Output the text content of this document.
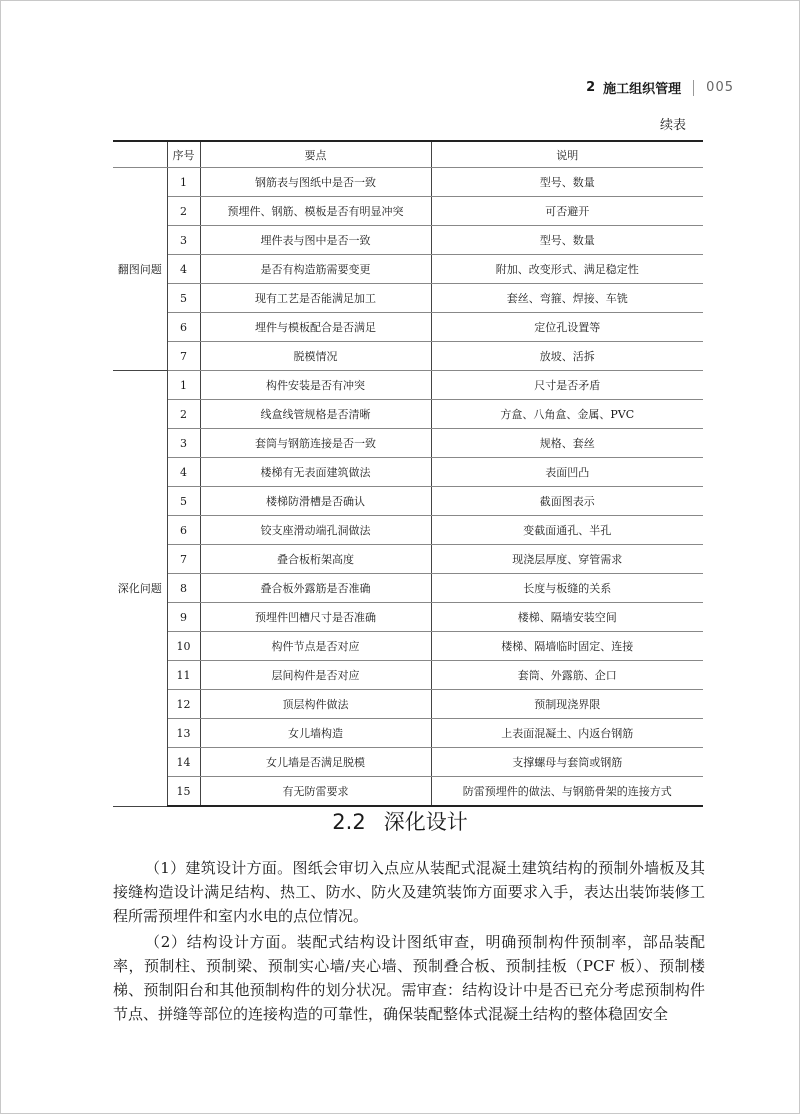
2 施工组织管理 005
续表
	序号	要点	说明
翻图问题	1	钢筋表与图纸中是否一致	型号、数量
	2	预埋件、钢筋、模板是否有明显冲突	可否避开
	3	埋件表与图中是否一致	型号、数量
	4	是否有构造筋需要变更	附加、改变形式、满足稳定性
	5	现有工艺是否能满足加工	套丝、弯箍、焊接、车铣
	6	埋件与模板配合是否满足	定位孔设置等
	7	脱模情况	放坡、活拆
深化问题	1	构件安装是否有冲突	尺寸是否矛盾
	2	线盒线管规格是否清晰	方盒、八角盒、金属、PVC
	3	套筒与钢筋连接是否一致	规格、套丝
	4	楼梯有无表面建筑做法	表面凹凸
	5	楼梯防滑槽是否确认	截面图表示
	6	铰支座滑动端孔洞做法	变截面通孔、半孔
	7	叠合板桁架高度	现浇层厚度、穿管需求
	8	叠合板外露筋是否准确	长度与板缝的关系
	9	预埋件凹槽尺寸是否准确	楼梯、隔墙安装空间
	10	构件节点是否对应	楼梯、隔墙临时固定、连接
	11	层间构件是否对应	套筒、外露筋、企口
	12	顶层构件做法	预制现浇界限
	13	女儿墙构造	上表面混凝土、内返台钢筋
	14	女儿墙是否满足脱模	支撑螺母与套筒或钢筋
	15	有无防雷要求	防雷预埋件的做法、与钢筋骨架的连接方式
2.2 深化设计

（1）建筑设计方面。图纸会审切入点应从装配式混凝土建筑结构的预制外墙板及其接缝构造设计满足结构、热工、防水、防火及建筑装饰方面要求入手，表达出装饰装修工程所需预埋件和室内水电的点位情况。

（2）结构设计方面。装配式结构设计图纸审查，明确预制构件预制率，部品装配率，预制柱、预制梁、预制实心墙/夹心墙、预制叠合板、预制挂板（PCF 板）、预制楼梯、预制阳台和其他预制构件的划分状况。需审查：结构设计中是否已充分考虑预制构件节点、拼缝等部位的连接构造的可靠性，确保装配整体式混凝土结构的整体稳固安全
